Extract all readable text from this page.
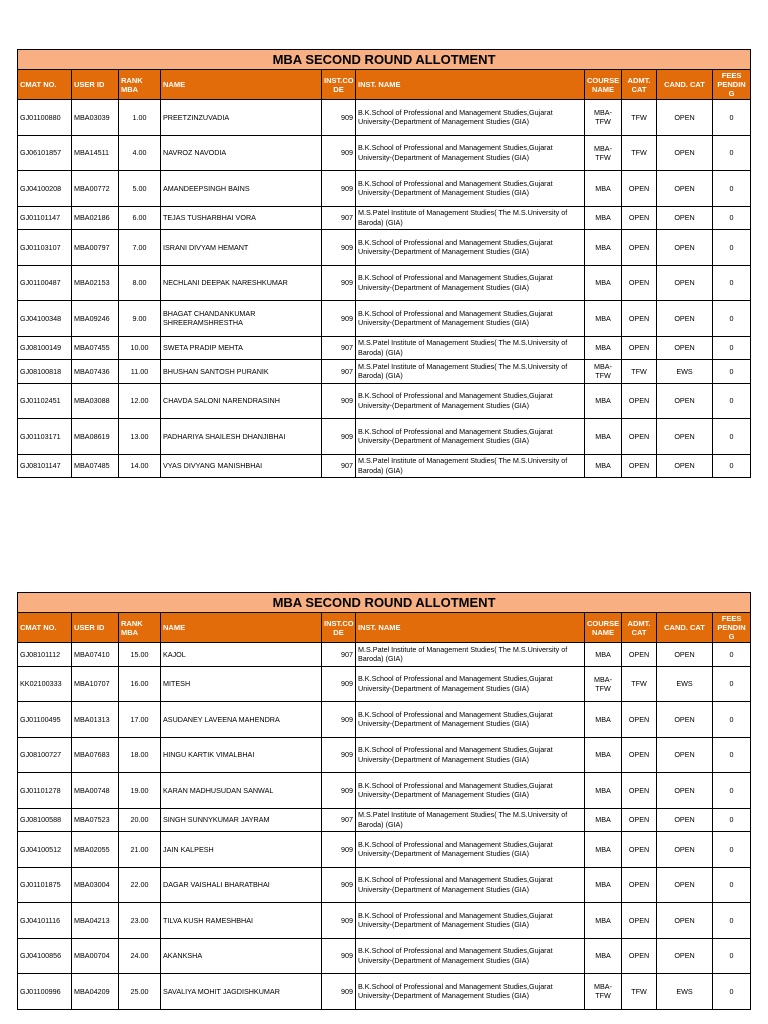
MBA SECOND ROUND ALLOTMENT									
CMAT NO.	USER ID	RANK MBA	NAME	INST.CO DE	INST. NAME	COURSE NAME	ADMT. CAT	CAND. CAT	FEES PENDIN G
GJ01100880	MBA03039	1.00	PREETZINZUVADIA	909	B.K.School of Professional and Management Studies,Gujarat University-(Department of Management Studies (GIA)	MBA-TFW	TFW	OPEN	0
GJ06101857	MBA14511	4.00	NAVROZ NAVODIA	909	B.K.School of Professional and Management Studies,Gujarat University-(Department of Management Studies (GIA)	MBA-TFW	TFW	OPEN	0
GJ04100208	MBA00772	5.00	AMANDEEPSINGH BAINS	909	B.K.School of Professional and Management Studies,Gujarat University-(Department of Management Studies (GIA)	MBA	OPEN	OPEN	0
GJ01101147	MBA02186	6.00	TEJAS TUSHARBHAI VORA	907	M.S.Patel Institute of Management Studies( The M.S.University of Baroda) (GIA)	MBA	OPEN	OPEN	0
GJ01103107	MBA00797	7.00	ISRANI DIVYAM HEMANT	909	B.K.School of Professional and Management Studies,Gujarat University-(Department of Management Studies (GIA)	MBA	OPEN	OPEN	0
GJ01100487	MBA02153	8.00	NECHLANI DEEPAK NARESHKUMAR	909	B.K.School of Professional and Management Studies,Gujarat University-(Department of Management Studies (GIA)	MBA	OPEN	OPEN	0
GJ04100348	MBA09246	9.00	BHAGAT CHANDANKUMAR SHREERAMSHRESTHA	909	B.K.School of Professional and Management Studies,Gujarat University-(Department of Management Studies (GIA)	MBA	OPEN	OPEN	0
GJ08100149	MBA07455	10.00	SWETA PRADIP MEHTA	907	M.S.Patel Institute of Management Studies( The M.S.University of Baroda) (GIA)	MBA	OPEN	OPEN	0
GJ08100818	MBA07436	11.00	BHUSHAN SANTOSH PURANIK	907	M.S.Patel Institute of Management Studies( The M.S.University of Baroda) (GIA)	MBA-TFW	TFW	EWS	0
GJ01102451	MBA03088	12.00	CHAVDA SALONI NARENDRASINH	909	B.K.School of Professional and Management Studies,Gujarat University-(Department of Management Studies (GIA)	MBA	OPEN	OPEN	0
GJ01103171	MBA08619	13.00	PADHARIYA SHAILESH DHANJIBHAI	909	B.K.School of Professional and Management Studies,Gujarat University-(Department of Management Studies (GIA)	MBA	OPEN	OPEN	0
GJ08101147	MBA07485	14.00	VYAS DIVYANG MANISHBHAI	907	M.S.Patel Institute of Management Studies( The M.S.University of Baroda) (GIA)	MBA	OPEN	OPEN	0
MBA SECOND ROUND ALLOTMENT									
CMAT NO.	USER ID	RANK MBA	NAME	INST.CO DE	INST. NAME	COURSE NAME	ADMT. CAT	CAND. CAT	FEES PENDIN G
GJ08101112	MBA07410	15.00	KAJOL	907	M.S.Patel Institute of Management Studies( The M.S.University of Baroda) (GIA)	MBA	OPEN	OPEN	0
KK02100333	MBA10707	16.00	MITESH	909	B.K.School of Professional and Management Studies,Gujarat University-(Department of Management Studies (GIA)	MBA-TFW	TFW	EWS	0
GJ01100495	MBA01313	17.00	ASUDANEY LAVEENA MAHENDRA	909	B.K.School of Professional and Management Studies,Gujarat University-(Department of Management Studies (GIA)	MBA	OPEN	OPEN	0
GJ08100727	MBA07683	18.00	HINGU KARTIK VIMALBHAI	909	B.K.School of Professional and Management Studies,Gujarat University-(Department of Management Studies (GIA)	MBA	OPEN	OPEN	0
GJ01101278	MBA00748	19.00	KARAN MADHUSUDAN SANWAL	909	B.K.School of Professional and Management Studies,Gujarat University-(Department of Management Studies (GIA)	MBA	OPEN	OPEN	0
GJ08100588	MBA07523	20.00	SINGH SUNNYKUMAR JAYRAM	907	M.S.Patel Institute of Management Studies( The M.S.University of Baroda) (GIA)	MBA	OPEN	OPEN	0
GJ04100512	MBA02055	21.00	JAIN KALPESH	909	B.K.School of Professional and Management Studies,Gujarat University-(Department of Management Studies (GIA)	MBA	OPEN	OPEN	0
GJ01101875	MBA03004	22.00	DAGAR VAISHALI BHARATBHAI	909	B.K.School of Professional and Management Studies,Gujarat University-(Department of Management Studies (GIA)	MBA	OPEN	OPEN	0
GJ04101116	MBA04213	23.00	TILVA KUSH RAMESHBHAI	909	B.K.School of Professional and Management Studies,Gujarat University-(Department of Management Studies (GIA)	MBA	OPEN	OPEN	0
GJ04100856	MBA00704	24.00	AKANKSHA	909	B.K.School of Professional and Management Studies,Gujarat University-(Department of Management Studies (GIA)	MBA	OPEN	OPEN	0
GJ01100996	MBA04209	25.00	SAVALIYA MOHIT JAGDISHKUMAR	909	B.K.School of Professional and Management Studies,Gujarat University-(Department of Management Studies (GIA)	MBA-TFW	TFW	EWS	0
